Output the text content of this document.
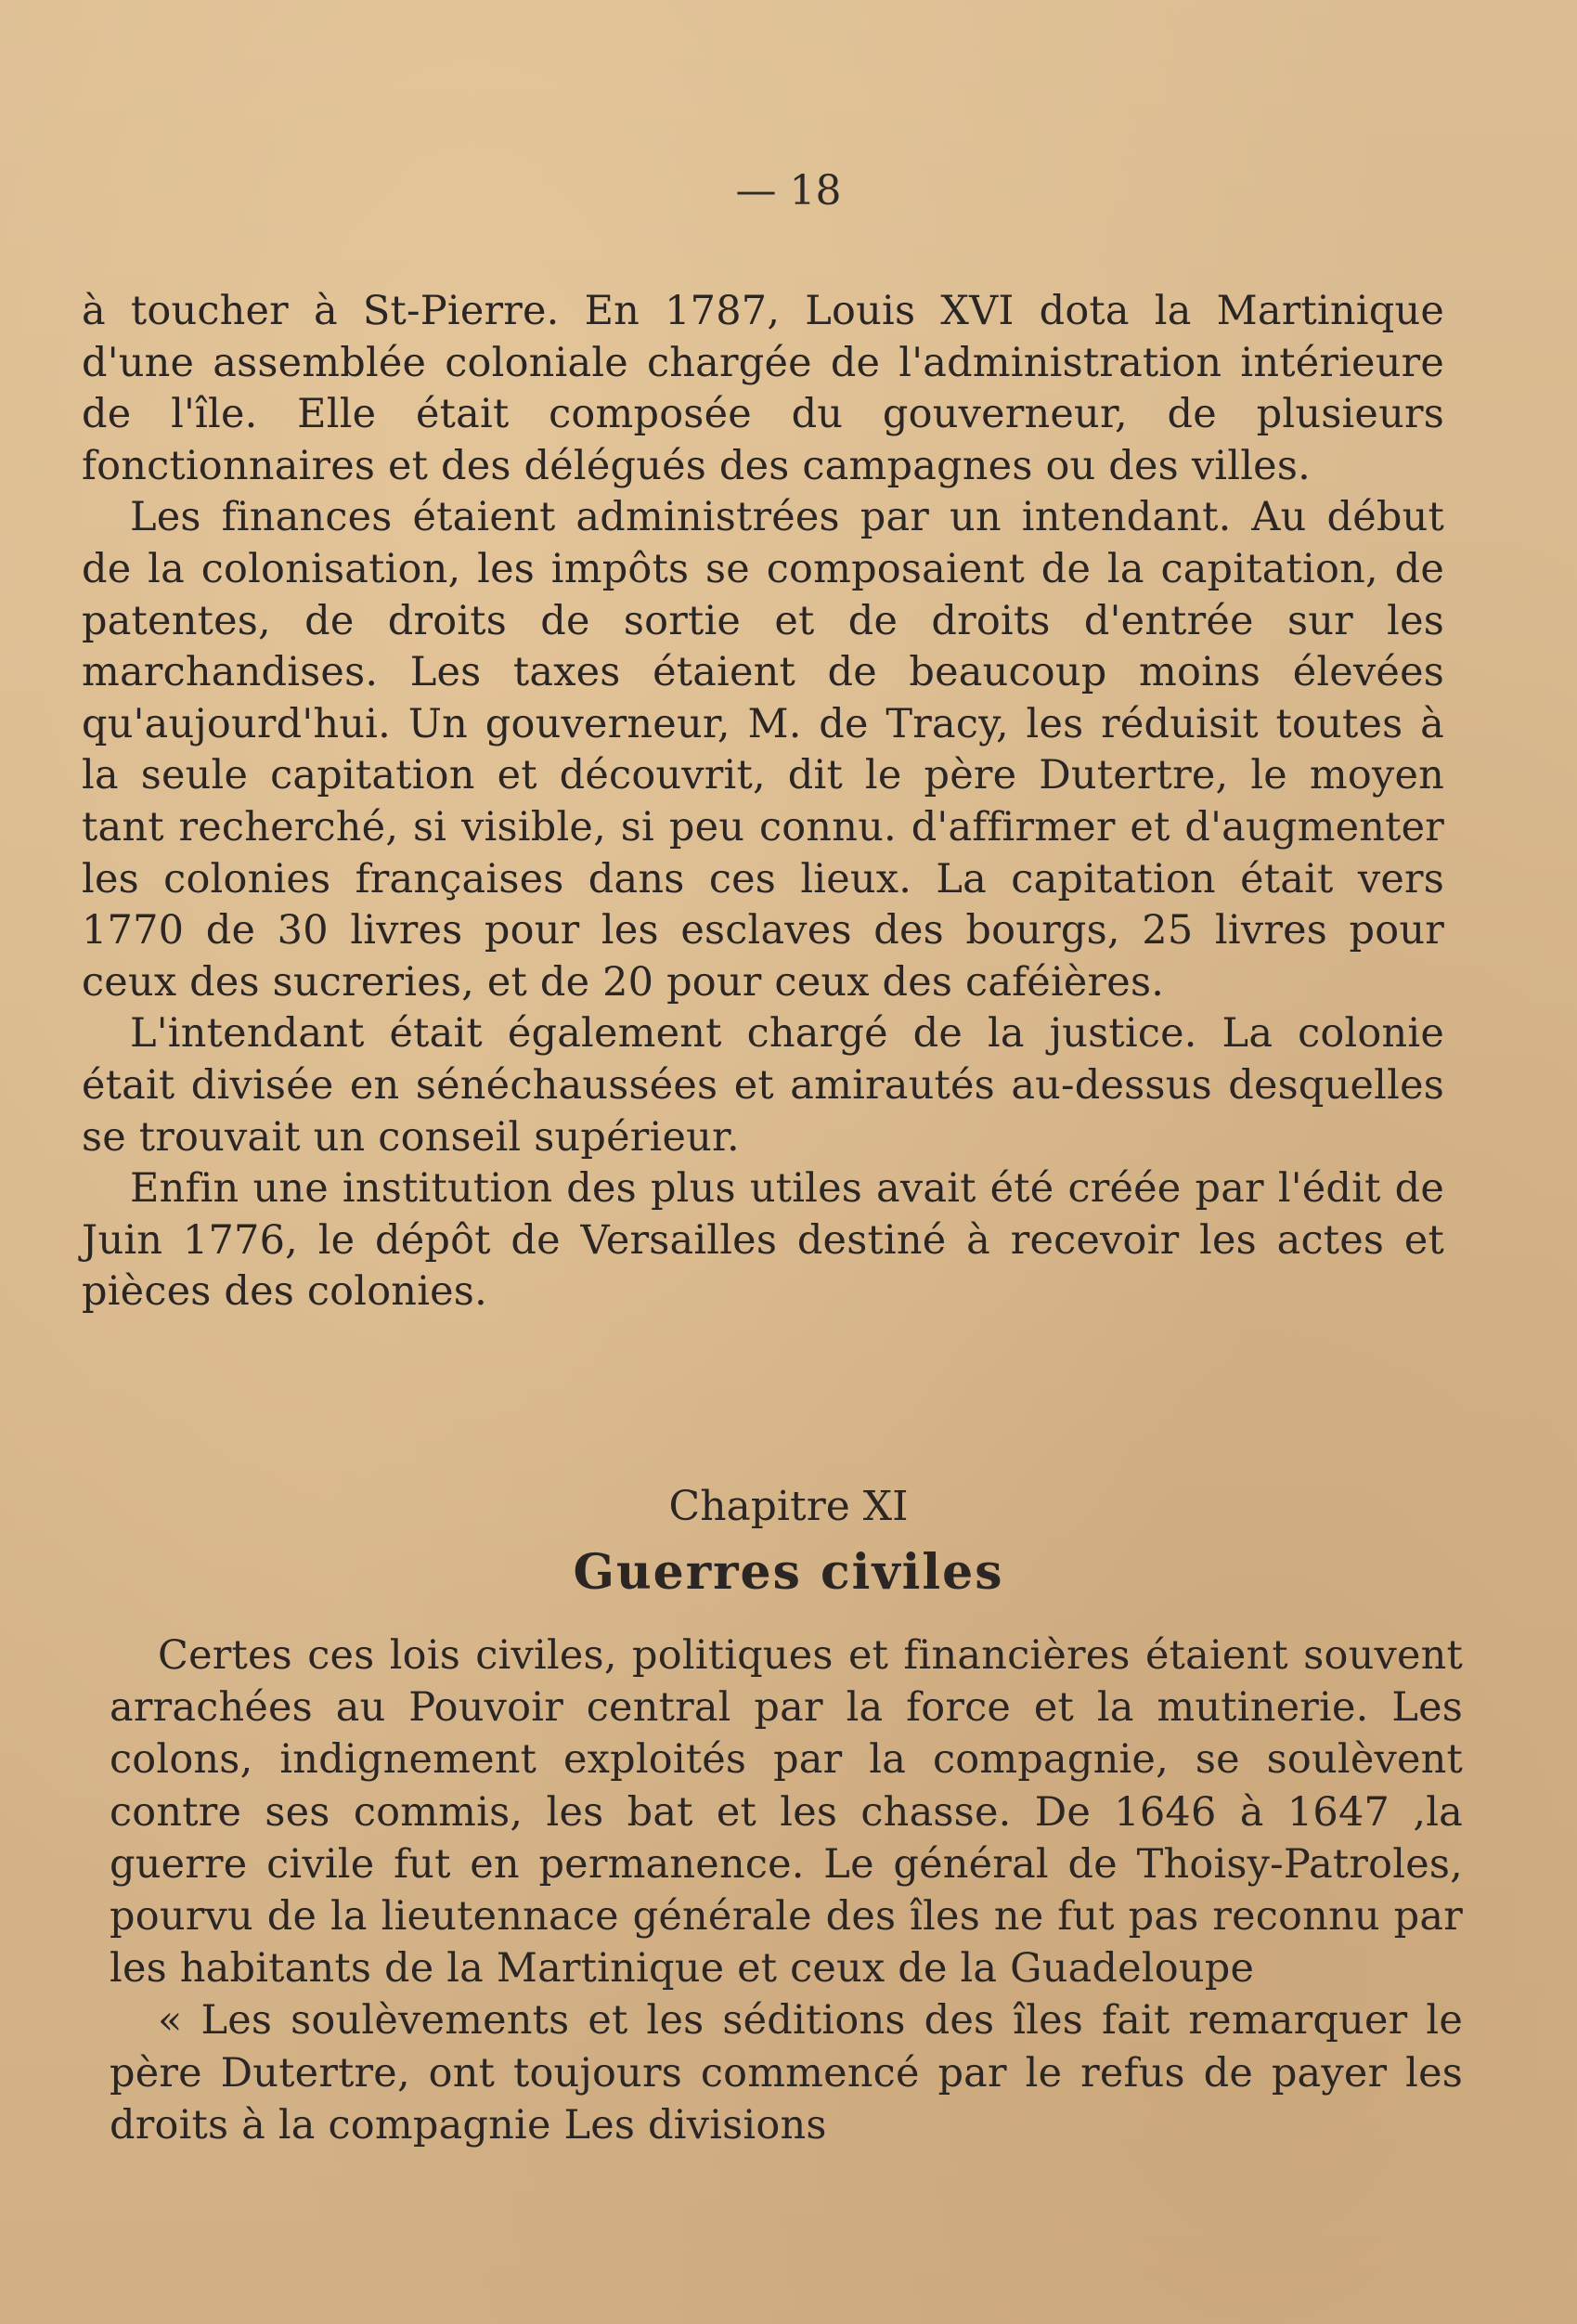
— 18

à toucher à St-Pierre. En 1787, Louis XVI dota la Martinique d'une assemblée coloniale chargée de l'administration intérieure de l'île. Elle était composée du gouverneur, de plusieurs fonctionnaires et des délégués des campagnes ou des villes.

Les finances étaient administrées par un intendant. Au début de la colonisation, les impôts se composaient de la capitation, de patentes, de droits de sortie et de droits d'entrée sur les marchandises. Les taxes étaient de beaucoup moins élevées qu'aujourd'hui. Un gouverneur, M. de Tracy, les réduisit toutes à la seule capitation et découvrit, dit le père Dutertre, le moyen tant recherché, si visible, si peu connu. d'affirmer et d'augmenter les colonies françaises dans ces lieux. La capitation était vers 1770 de 30 livres pour les esclaves des bourgs, 25 livres pour ceux des sucreries, et de 20 pour ceux des caféières.

L'intendant était également chargé de la justice. La colonie était divisée en sénéchaussées et amirautés au-dessus desquelles se trouvait un conseil supérieur.

Enfin une institution des plus utiles avait été créée par l'édit de Juin 1776, le dépôt de Versailles destiné à recevoir les actes et pièces des colonies.

Chapitre XI
Guerres civiles

Certes ces lois civiles, politiques et financières étaient souvent arrachées au Pouvoir central par la force et la mutinerie. Les colons, indignement exploités par la compagnie, se soulèvent contre ses commis, les bat et les chasse. De 1646 à 1647 ,la guerre civile fut en permanence. Le général de Thoisy-Patroles, pourvu de la lieutennace générale des îles ne fut pas reconnu par les habitants de la Martinique et ceux de la Guadeloupe

« Les soulèvements et les séditions des îles fait remarquer le père Dutertre, ont toujours commencé par le refus de payer les droits à la compagnie Les divisions
